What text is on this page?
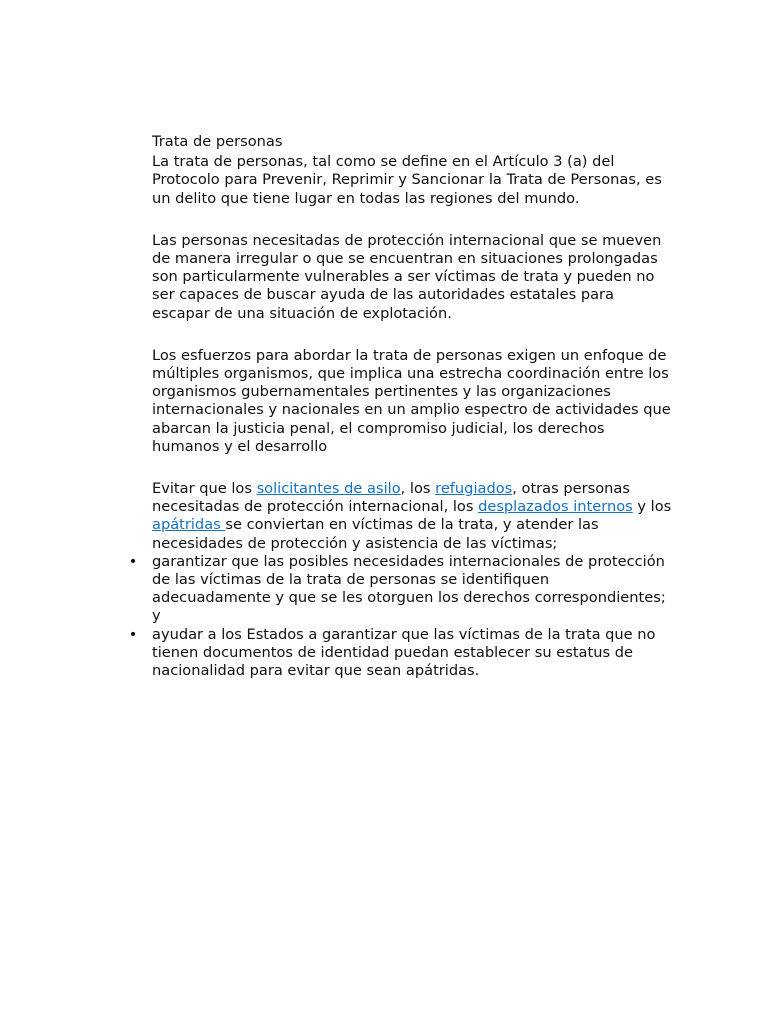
Trata de personas

La trata de personas, tal como se define en el Artículo 3 (a) del Protocolo para Prevenir, Reprimir y Sancionar la Trata de Personas, es un delito que tiene lugar en todas las regiones del mundo.

Las personas necesitadas de protección internacional que se mueven de manera irregular o que se encuentran en situaciones prolongadas son particularmente vulnerables a ser víctimas de trata y pueden no ser capaces de buscar ayuda de las autoridades estatales para escapar de una situación de explotación.

Los esfuerzos para abordar la trata de personas exigen un enfoque de múltiples organismos, que implica una estrecha coordinación entre los organismos gubernamentales pertinentes y las organizaciones internacionales y nacionales en un amplio espectro de actividades que abarcan la justicia penal, el compromiso judicial, los derechos humanos y el desarrollo

Evitar que los solicitantes de asilo, los refugiados, otras personas necesitadas de protección internacional, los desplazados internos y los apátridas se conviertan en víctimas de la trata, y atender las necesidades de protección y asistencia de las víctimas;

• garantizar que las posibles necesidades internacionales de protección de las víctimas de la trata de personas se identifiquen adecuadamente y que se les otorguen los derechos correspondientes; y
• ayudar a los Estados a garantizar que las víctimas de la trata que no tienen documentos de identidad puedan establecer su estatus de nacionalidad para evitar que sean apátridas.
